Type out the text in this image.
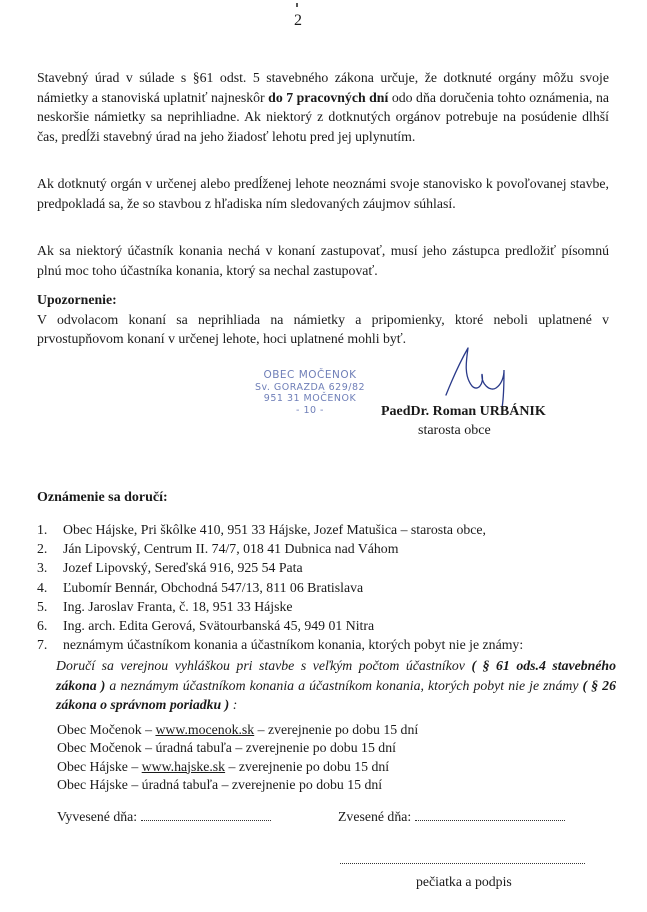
2

Stavebný úrad v súlade s §61 odst. 5 stavebného zákona určuje, že dotknuté orgány môžu svoje námietky a stanoviská uplatniť najneskôr do 7 pracovných dní odo dňa doručenia tohto oznámenia, na neskoršie námietky sa neprihliadne. Ak niektorý z dotknutých orgánov potrebuje na posúdenie dlhší čas, predĺži stavebný úrad na jeho žiadosť lehotu pred jej uplynutím.

Ak dotknutý orgán v určenej alebo predĺženej lehote neoznámi svoje stanovisko k povoľovanej stavbe, predpokladá sa, že so stavbou z hľadiska ním sledovaných záujmov súhlasí.

Ak sa niektorý účastník konania nechá v konaní zastupovať, musí jeho zástupca predložiť písomnú plnú moc toho účastníka konania, ktorý sa nechal zastupovať.

Upozornenie:
V odvolacom konaní sa neprihliada na námietky a pripomienky, ktoré neboli uplatnené v prvostupňovom konaní v určenej lehote, hoci uplatnené mohli byť.
OBEC MOČENOK
Sv. GORAZDA 629/82
951 31 MOČENOK
- 10 -	PaedDr. Roman URBÁNIK
starosta obce
Oznámenie sa doručí:
1.	Obec Hájske, Pri škôlke 410, 951 33 Hájske, Jozef Matušica – starosta obce,
2.	Ján Lipovský, Centrum II. 74/7, 018 41 Dubnica nad Váhom
3.	Jozef Lipovský, Sereďská 916, 925 54 Pata
4.	Ľubomír Bennár, Obchodná 547/13, 811 06 Bratislava
5.	Ing. Jaroslav Franta, č. 18, 951 33 Hájske
6.	Ing. arch. Edita Gerová, Svätourbanská 45, 949 01 Nitra
7.	neznámym účastníkom konania a účastníkom konania, ktorých pobyt nie je známy:

Doručí sa verejnou vyhláškou pri stavbe s veľkým počtom účastníkov ( § 61 ods.4 stavebného zákona ) a neznámym účastníkom konania a účastníkom konania, ktorých pobyt nie je známy ( § 26 zákona o správnom poriadku ) :

Obec Močenok – www.mocenok.sk – zverejnenie po dobu 15 dní
Obec Močenok – úradná tabuľa – zverejnenie po dobu 15 dní
Obec Hájske – www.hajske.sk – zverejnenie po dobu 15 dní
Obec Hájske – úradná tabuľa – zverejnenie po dobu 15 dní
Vyvesené dňa:	Zvesené dňa:
pečiatka a podpis
